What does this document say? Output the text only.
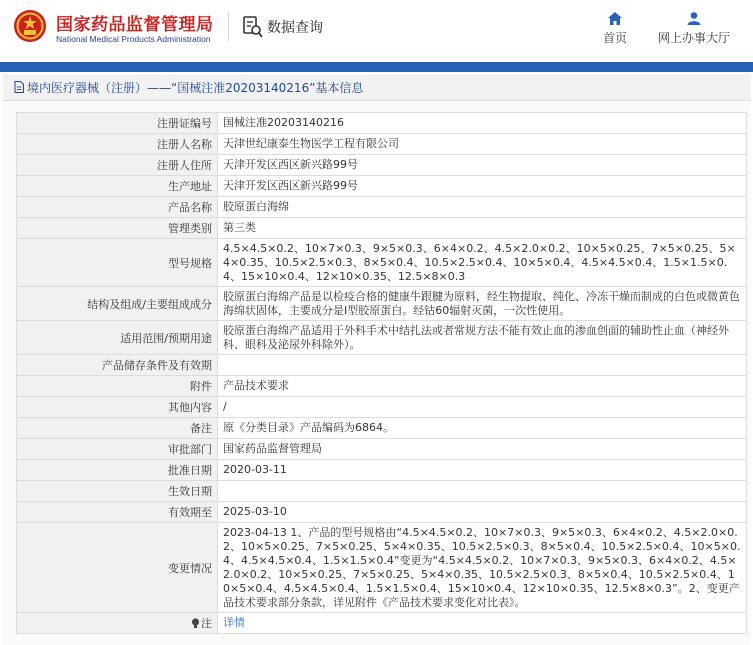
国家药品监督管理局
National Medical Products Administration
数据查询
首页	网上办事大厅
境内医疗器械（注册）——“国械注准20203140216”基本信息
注册证编号	国械注准20203140216
注册人名称	天津世纪康泰生物医学工程有限公司
注册人住所	天津开发区西区新兴路99号
生产地址	天津开发区西区新兴路99号
产品名称	胶原蛋白海绵
管理类别	第三类
型号规格	4.5×4.5×0.2、10×7×0.3、9×5×0.3、6×4×0.2、4.5×2.0×0.2、10×5×0.25、7×5×0.25、5×4×0.35、10.5×2.5×0.3、8×5×0.4、10.5×2.5×0.4、10×5×0.4、4.5×4.5×0.4、1.5×1.5×0.4、15×10×0.4、12×10×0.35、12.5×8×0.3
结构及组成/主要组成成分	胶原蛋白海绵产品是以检疫合格的健康牛跟腱为原料，经生物提取、纯化、冷冻干燥而制成的白色或微黄色海绵状固体，主要成分是Ⅰ型胶原蛋白。经钴60辐射灭菌，一次性使用。
适用范围/预期用途	胶原蛋白海绵产品适用于外科手术中结扎法或者常规方法不能有效止血的渗血创面的辅助性止血（神经外科、眼科及泌尿外科除外）。
产品储存条件及有效期	
附件	产品技术要求
其他内容	/
备注	原《分类目录》产品编码为6864。
审批部门	国家药品监督管理局
批准日期	2020-03-11
生效日期	
有效期至	2025-03-10
变更情况	2023-04-13 1、产品的型号规格由“4.5×4.5×0.2、10×7×0.3、9×5×0.3、6×4×0.2、4.5×2.0×0.2、10×5×0.25、7×5×0.25、5×4×0.35、10.5×2.5×0.3、8×5×0.4、10.5×2.5×0.4、10×5×0.4、4.5×4.5×0.4、1.5×1.5×0.4”变更为“4.5×4.5×0.2、10×7×0.3、9×5×0.3、6×4×0.2、4.5×2.0×0.2、10×5×0.25、7×5×0.25、5×4×0.35、10.5×2.5×0.3、8×5×0.4、10.5×2.5×0.4、10×5×0.4、4.5×4.5×0.4、1.5×1.5×0.4、15×10×0.4、12×10×0.35、12.5×8×0.3”。2、变更产品技术要求部分条款，详见附件《产品技术要求变化对比表》。
注	详情
